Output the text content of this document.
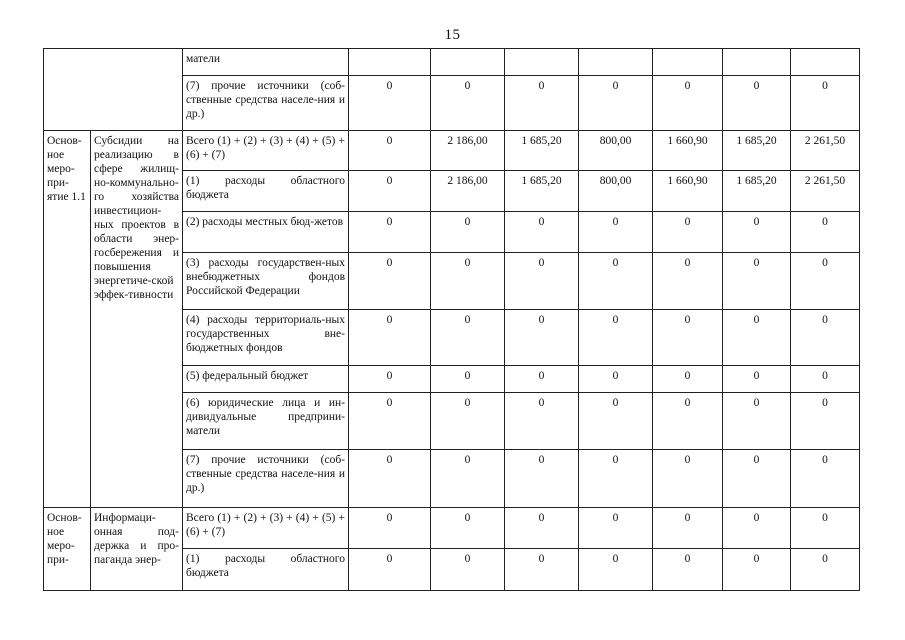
15
		матели							
		(7) прочие источники (соб-ственные средства населе-ния и др.)	0	0	0	0	0	0	0
Основ-ное меро-при-ятие 1.1	Субсидии на реализацию в сфере жилищ-но-коммунально-го хозяйства инвестицион-ных проектов в области энер-госбережения и повышения энергетиче-ской эффек-тивности	Всего (1) + (2) + (3) + (4) + (5) + (6) + (7)	0	2 186,00	1 685,20	800,00	1 660,90	1 685,20	2 261,50
		(1) расходы областного бюджета	0	2 186,00	1 685,20	800,00	1 660,90	1 685,20	2 261,50
		(2) расходы местных бюд-жетов	0	0	0	0	0	0	0
		(3) расходы государствен-ных внебюджетных фондов Российской Федерации	0	0	0	0	0	0	0
		(4) расходы территориаль-ных государственных вне-бюджетных фондов	0	0	0	0	0	0	0
		(5) федеральный бюджет	0	0	0	0	0	0	0
		(6) юридические лица и ин-дивидуальные предприни-матели	0	0	0	0	0	0	0
		(7) прочие источники (соб-ственные средства населе-ния и др.)	0	0	0	0	0	0	0
Основ-ное меро-при-	Информаци-онная под-держка и про-паганда энер-	Всего (1) + (2) + (3) + (4) + (5) + (6) + (7)	0	0	0	0	0	0	0
		(1) расходы областного бюджета	0	0	0	0	0	0	0
